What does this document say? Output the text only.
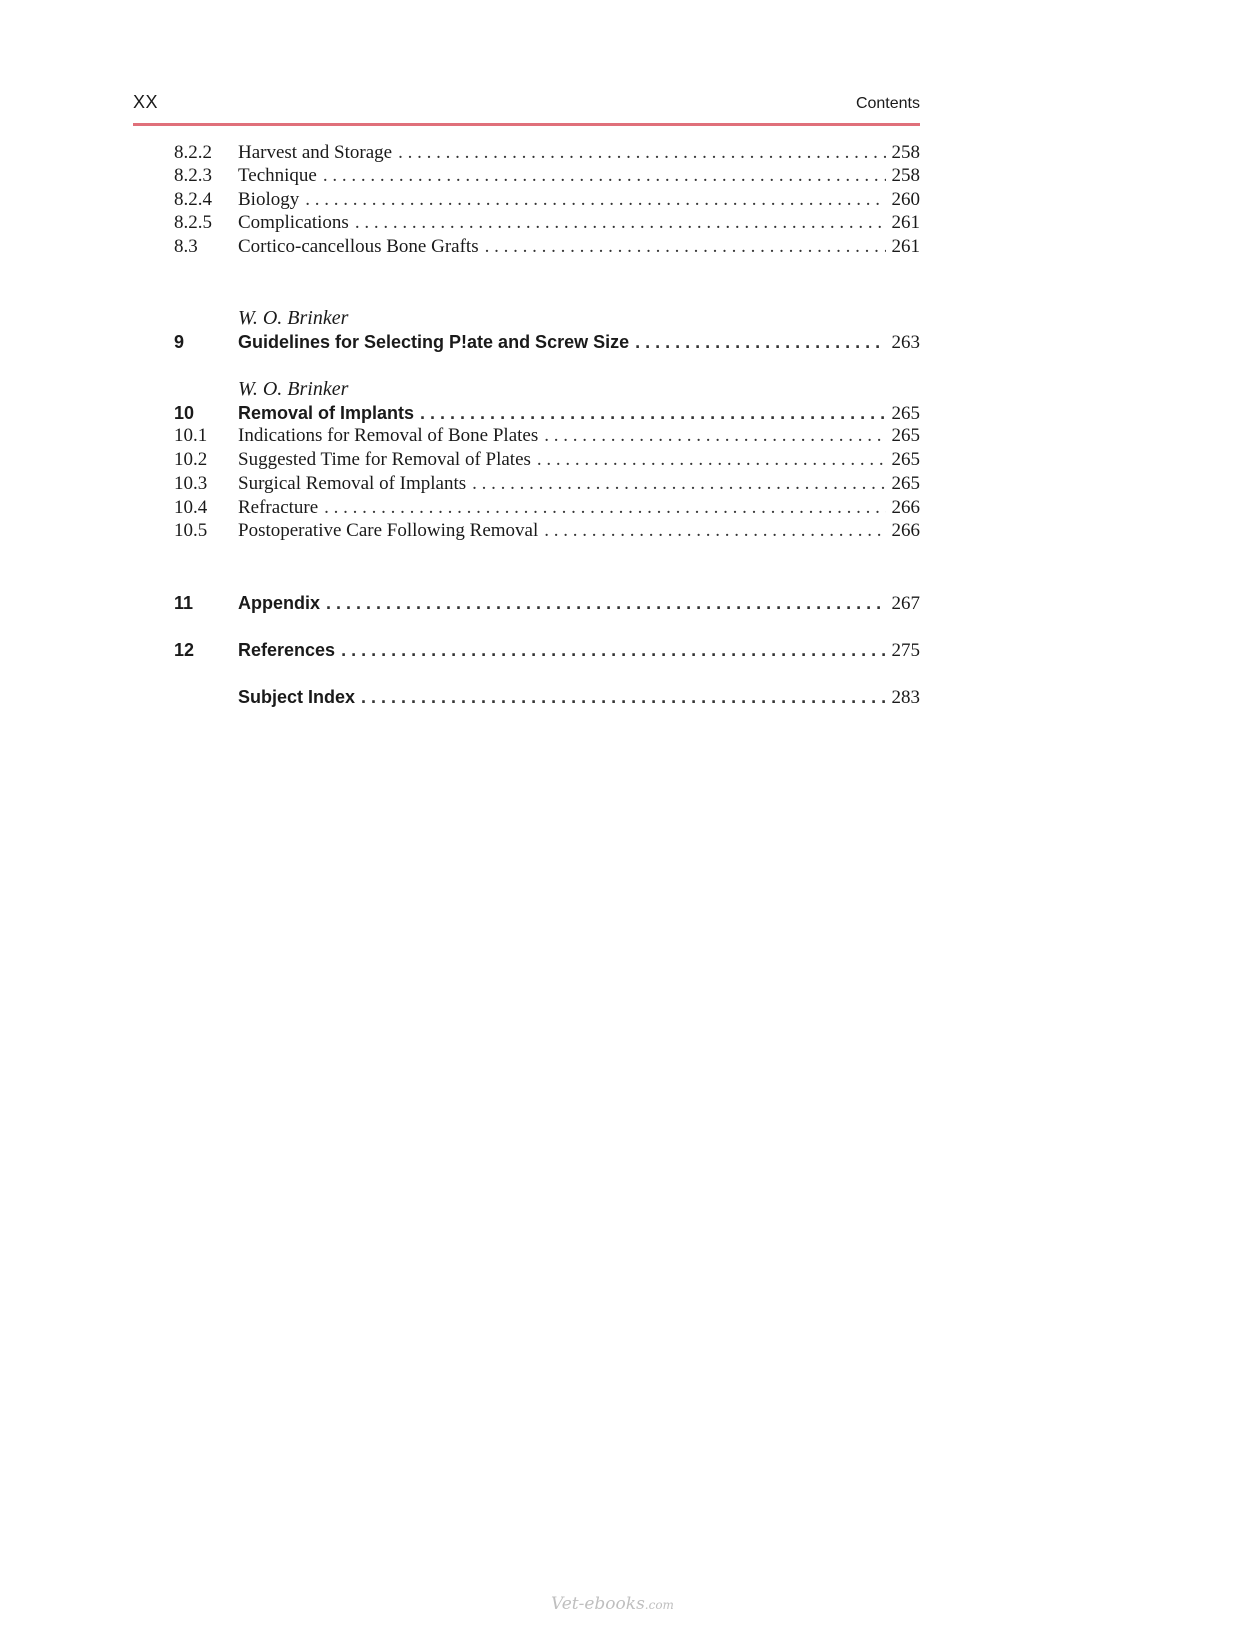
XX	Contents
8.2.2	Harvest and Storage . . .	258
8.2.3	Technique . . .	258
8.2.4	Biology . . .	260
8.2.5	Complications . . .	261
8.3	Cortico-cancellous Bone Grafts . . .	261
W. O. Brinker
9	Guidelines for Selecting P!ate and Screw Size . . .	263
W. O. Brinker
10	Removal of Implants . . .	265
10.1	Indications for Removal of Bone Plates . . .	265
10.2	Suggested Time for Removal of Plates . . .	265
10.3	Surgical Removal of Implants . . .	265
10.4	Refracture . . .	266
10.5	Postoperative Care Following Removal . . .	266
11	Appendix . . .	267
12	References . . .	275
Subject Index . . .	283
Vet-ebooks.com
